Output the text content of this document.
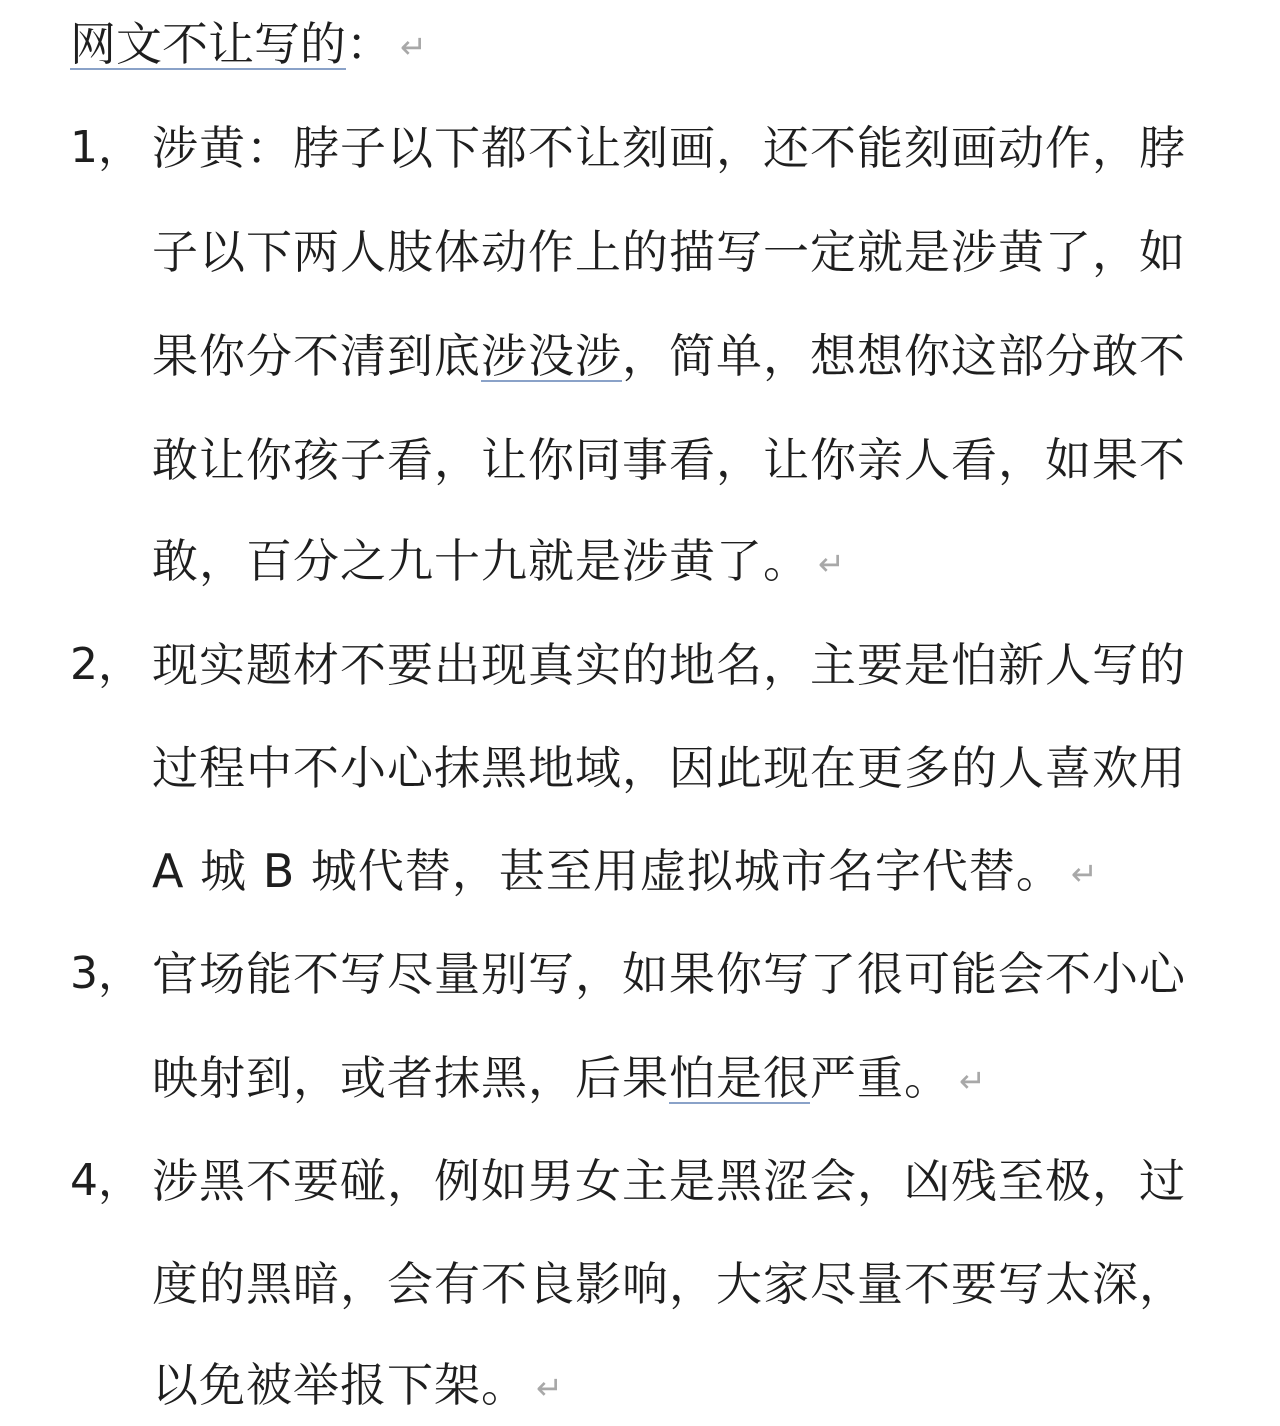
网文不让写的： ↵
1， 涉黄：脖子以下都不让刻画，还不能刻画动作，脖
子以下两人肢体动作上的描写一定就是涉黄了，如
果你分不清到底涉没涉，简单，想想你这部分敢不
敢让你孩子看，让你同事看，让你亲人看，如果不
敢，百分之九十九就是涉黄了。 ↵
2， 现实题材不要出现真实的地名，主要是怕新人写的
过程中不小心抹黑地域，因此现在更多的人喜欢用
A 城 B 城代替，甚至用虚拟城市名字代替。 ↵
3， 官场能不写尽量别写，如果你写了很可能会不小心
映射到，或者抹黑，后果怕是很严重。 ↵
4， 涉黑不要碰，例如男女主是黑涩会，凶残至极，过
度的黑暗，会有不良影响，大家尽量不要写太深，
以免被举报下架。 ↵
